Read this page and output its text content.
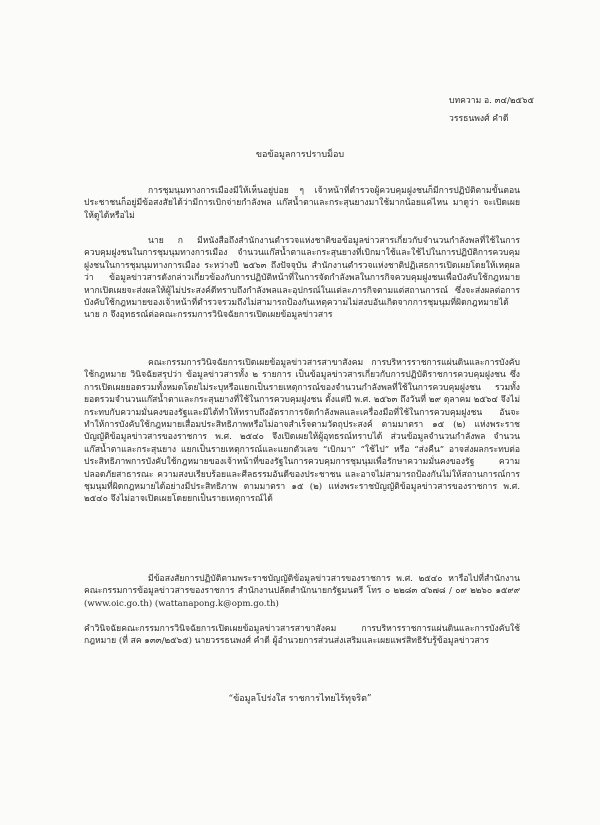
บทความ อ. ๓๔/๒๕๖๕
วรรธนพงศ์ คำดี
ขอข้อมูลการปราบม็อบ

การชุมนุมทางการเมืองมีให้เห็นอยู่บ่อย ๆ เจ้าหน้าที่ตำรวจผู้ควบคุมฝูงชนก็มีการปฏิบัติตามขั้นตอน ประชาชนก็อยู่มีข้อสงสัยได้ว่ามีการเบิกจ่ายกำลังพล แก๊สน้ำตาและกระสุนยางมาใช้มากน้อยแค่ไหน มาดูว่า จะเปิดเผยให้ดูได้หรือไม่

นาย ก มีหนังสือถึงสำนักงานตำรวจแห่งชาติขอข้อมูลข่าวสารเกี่ยวกับจำนวนกำลังพลที่ใช้ในการควบคุมฝูงชนในการชุมนุมทางการเมือง จำนวนแก๊สน้ำตาและกระสุนยางที่เบิกมาใช้และใช้ไปในการปฏิบัติการควบคุมฝูงชนในการชุมนุมทางการเมือง ระหว่างปี ๒๕๖๓ ถึงปัจจุบัน สำนักงานตำรวจแห่งชาติปฏิเสธการเปิดเผยโดยให้เหตุผลว่า ข้อมูลข่าวสารดังกล่าวเกี่ยวข้องกับการปฏิบัติหน้าที่ในการจัดกำลังพลในการกิจควบคุมฝูงชนเพื่อบังคับใช้กฎหมาย หากเปิดเผยจะส่งผลให้ผู้ไม่ประสงค์ดีทราบถึงกำลังพลและอุปกรณ์ในแต่ละภารกิจตามแต่สถานการณ์ ซึ่งจะส่งผลต่อการบังคับใช้กฎหมายของเจ้าหน้าที่ตำรวจรวมถึงไม่สามารถป้องกันเหตุความไม่สงบอันเกิดจากการชุมนุมที่ผิดกฎหมายได้ นาย ก จึงอุทธรณ์ต่อคณะกรรมการวินิจฉัยการเปิดเผยข้อมูลข่าวสาร

คณะกรรมการวินิจฉัยการเปิดเผยข้อมูลข่าวสารสาขาสังคม การบริหารราชการแผ่นดินและการบังคับใช้กฎหมาย วินิจฉัยสรุปว่า ข้อมูลข่าวสารทั้ง ๒ รายการ เป็นข้อมูลข่าวสารเกี่ยวกับการปฏิบัติราชการควบคุมฝูงชน ซึ่งการเปิดเผยยอดรวมทั้งหมดโดยไม่ระบุหรือแยกเป็นรายเหตุการณ์ของจำนวนกำลังพลที่ใช้ในการควบคุมฝูงชน รวมทั้งยอดรวมจำนวนแก๊สน้ำตาและกระสุนยางที่ใช้ในการควบคุมฝูงชน ตั้งแต่ปี พ.ศ. ๒๕๖๓ ถึงวันที่ ๒๙ ตุลาคม ๒๕๖๔ จึงไม่กระทบกับความมั่นคงของรัฐและมิได้ทำให้ทราบถึงอัตราการจัดกำลังพลและเครื่องมือที่ใช้ในการควบคุมฝูงชน อันจะทำให้การบังคับใช้กฎหมายเสื่อมประสิทธิภาพหรือไม่อาจสำเร็จตามวัตถุประสงค์ ตามมาตรา ๑๕ (๒) แห่งพระราชบัญญัติข้อมูลข่าวสารของราชการ พ.ศ. ๒๕๔๐ จึงเปิดเผยให้ผู้อุทธรณ์ทราบได้ ส่วนข้อมูลจำนวนกำลังพล จำนวนแก๊สน้ำตาและกระสุนยาง แยกเป็นรายเหตุการณ์และแยกตัวเลข “เบิกมา” “ใช้ไป” หรือ “ส่งคืน” อาจส่งผลกระทบต่อประสิทธิภาพการบังคับใช้กฎหมายของเจ้าหน้าที่ของรัฐในการควบคุมการชุมนุมเพื่อรักษาความมั่นคงของรัฐ ความปลอดภัยสาธารณะ ความสงบเรียบร้อยและศีลธรรมอันดีของประชาชน และอาจไม่สามารถป้องกันไม่ให้สถานการณ์การชุมนุมที่ผิดกฎหมายได้อย่างมีประสิทธิภาพ ตามมาตรา ๑๕ (๒) แห่งพระราชบัญญัติข้อมูลข่าวสารของราชการ พ.ศ. ๒๕๔๐ จึงไม่อาจเปิดเผยโดยยกเป็นรายเหตุการณ์ได้

มีข้อสงสัยการปฏิบัติตามพระราชบัญญัติข้อมูลข่าวสารของราชการ พ.ศ. ๒๕๔๐ หารือไปที่สำนักงานคณะกรรมการข้อมูลข่าวสารของราชการ สำนักงานปลัดสำนักนายกรัฐมนตรี โทร ๐ ๒๒๘๓ ๔๖๗๘ / ๐๙ ๒๒๖๐ ๑๕๙๙ (www.oic.go.th) (wattanapong.k@opm.go.th)

คำวินิจฉัยคณะกรรมการวินิจฉัยการเปิดเผยข้อมูลข่าวสารสาขาสังคม การบริหารราชการแผ่นดินและการบังคับใช้กฎหมาย (ที่ สค ๑๓๓/๒๕๖๕) นายวรรธนพงศ์ คำดี ผู้อำนวยการส่วนส่งเสริมและเผยแพร่สิทธิรับรู้ข้อมูลข่าวสาร

“ข้อมูลโปร่งใส ราชการไทยไร้ทุจริต”
